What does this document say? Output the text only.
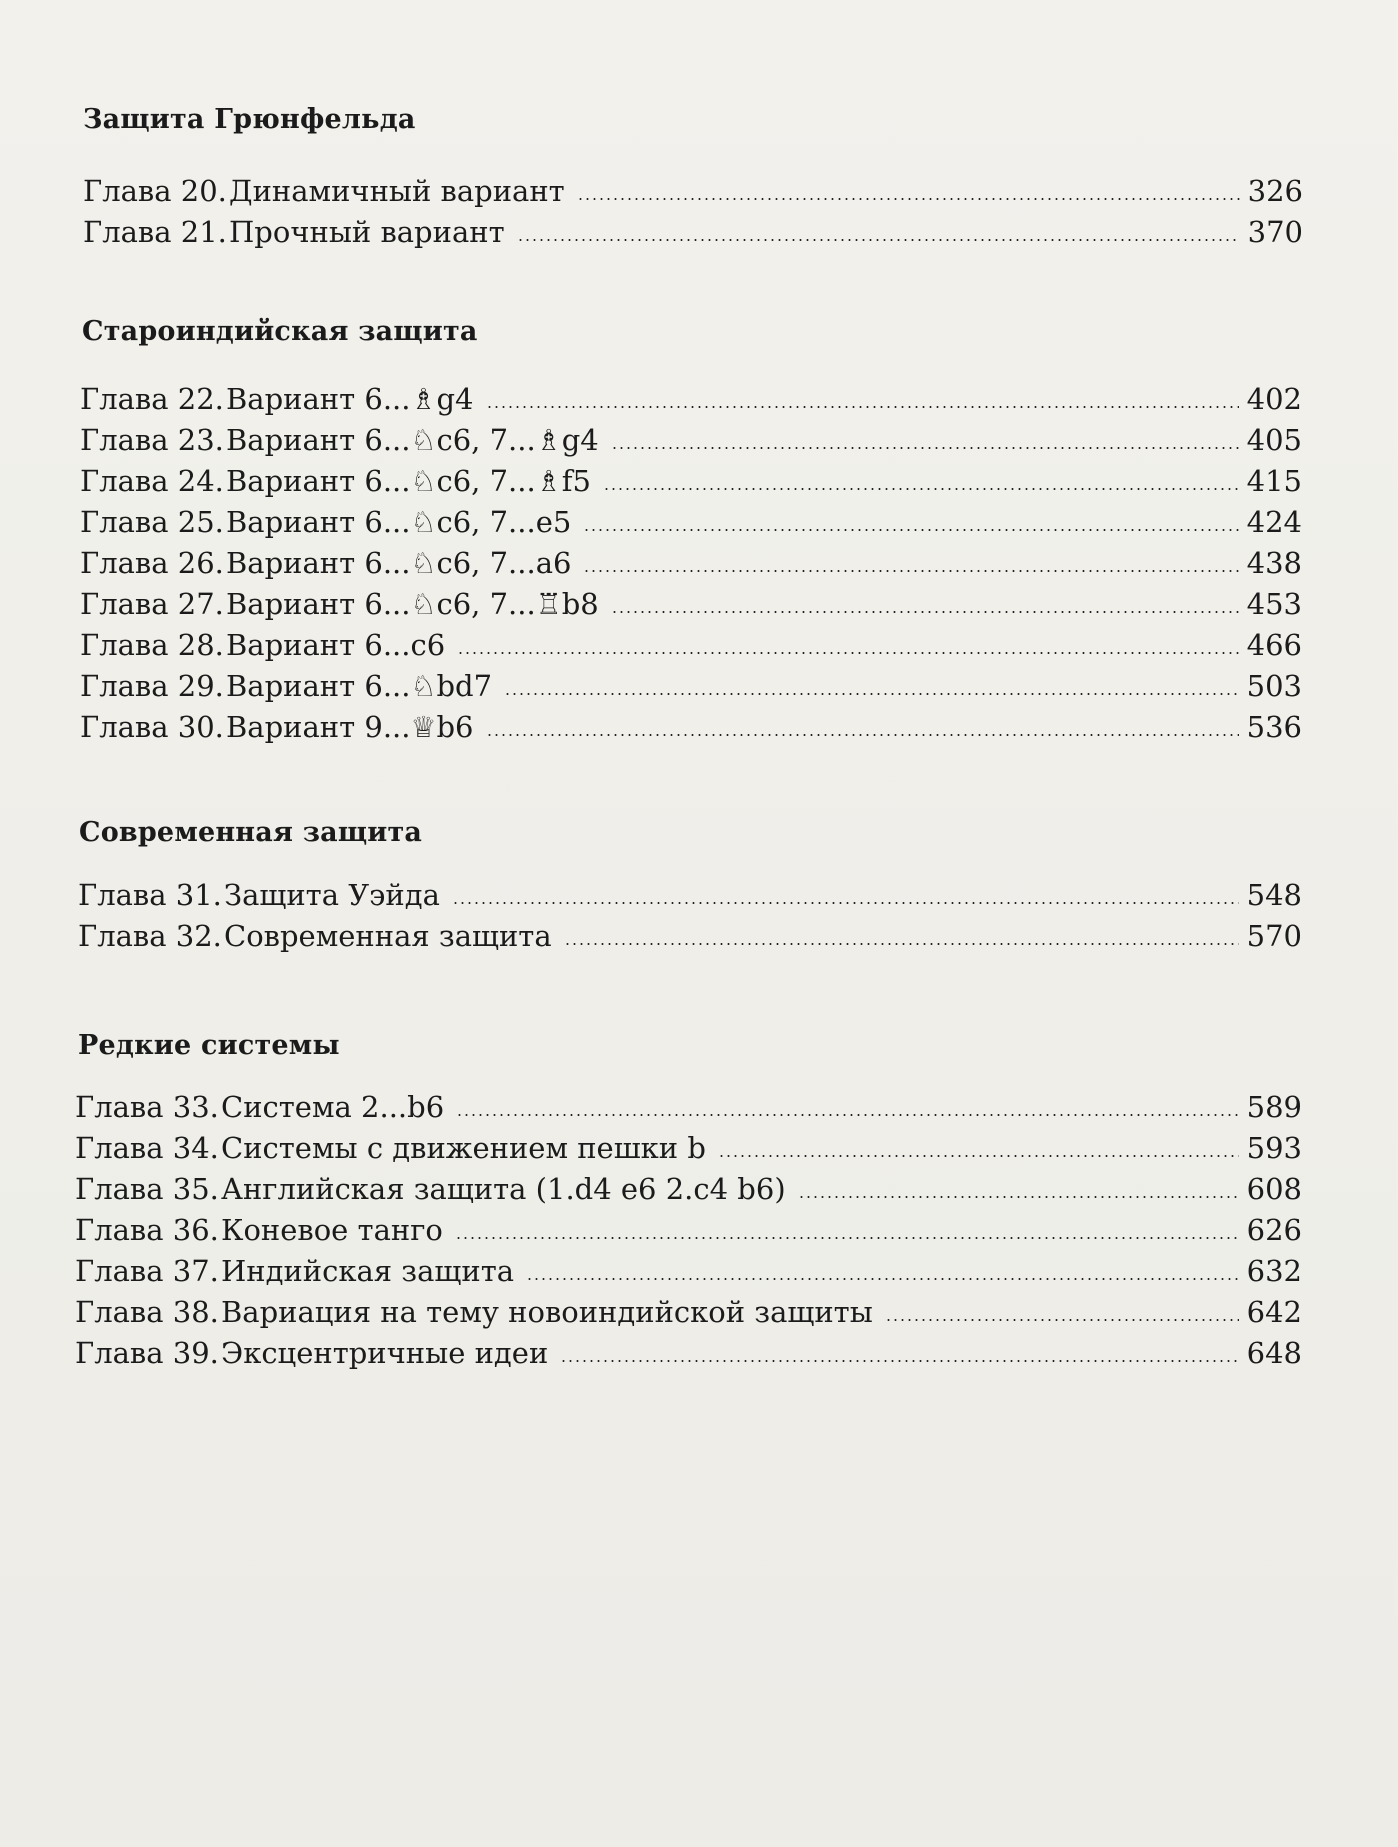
Защита Грюнфельда
Глава 20. Динамичный вариант	326
Глава 21. Прочный вариант	370
Староиндийская защита
Глава 22. Вариант 6...♗g4	402
Глава 23. Вариант 6...♘c6, 7...♗g4	405
Глава 24. Вариант 6...♘c6, 7...♗f5	415
Глава 25. Вариант 6...♘c6, 7...e5	424
Глава 26. Вариант 6...♘c6, 7...a6	438
Глава 27. Вариант 6...♘c6, 7...♖b8	453
Глава 28. Вариант 6...c6	466
Глава 29. Вариант 6...♘bd7	503
Глава 30. Вариант 9...♕b6	536
Современная защита
Глава 31. Защита Уэйда	548
Глава 32. Современная защита	570
Редкие системы
Глава 33. Система 2...b6	589
Глава 34. Системы с движением пешки b	593
Глава 35. Английская защита (1.d4 e6 2.c4 b6)	608
Глава 36. Коневое танго	626
Глава 37. Индийская защита	632
Глава 38. Вариация на тему новоиндийской защиты	642
Глава 39. Эксцентричные идеи	648
